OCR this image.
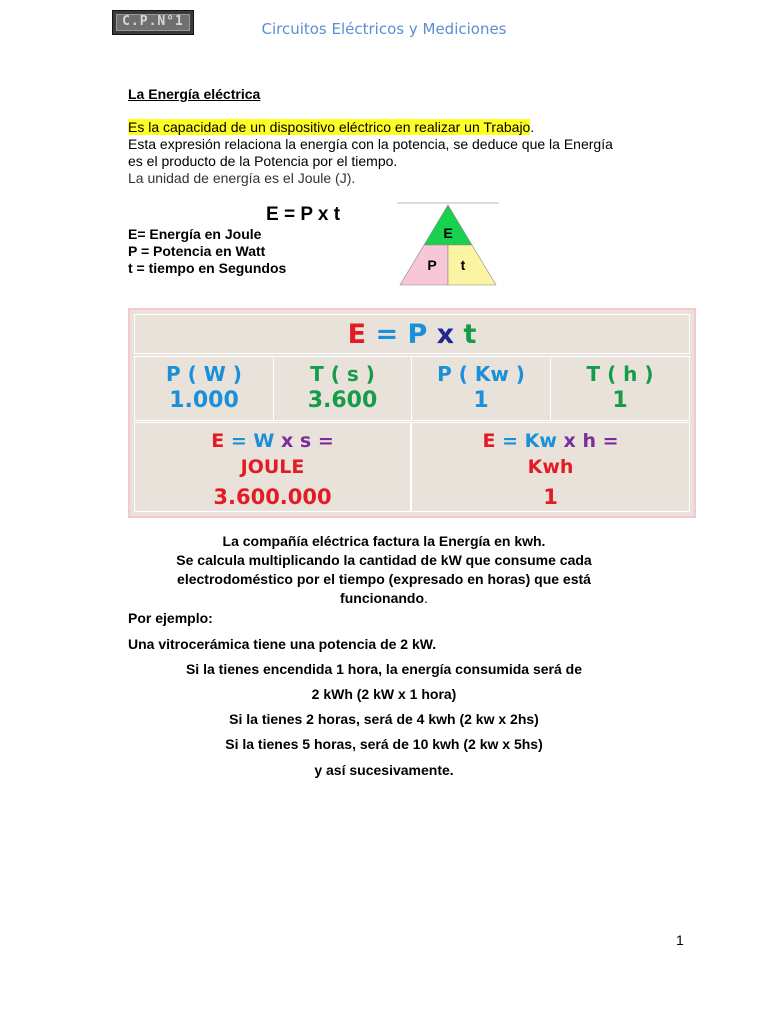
C.P.N°1	Circuitos Eléctricos y Mediciones
La Energía eléctrica
Es la capacidad de un dispositivo eléctrico en realizar un Trabajo.
Esta expresión relaciona la energía con la potencia, se deduce que la Energía
es el producto de la Potencia por el tiempo.
La unidad de energía es el Joule (J).
E = P x t
E= Energía en Joule
P = Potencia en Watt
t = tiempo en Segundos
E
P t
E = P x t
P ( W )
1.000
T ( s )
3.600
P ( Kw )
1
T ( h )
1
E = W x s =
JOULE
3.600.000
E = Kw x h =
Kwh
1
La compañía eléctrica factura la Energía en kwh.
Se calcula multiplicando la cantidad de kW que consume cada
electrodoméstico por el tiempo (expresado en horas) que está
funcionando.
Por ejemplo:
Una vitrocerámica tiene una potencia de 2 kW.
Si la tienes encendida 1 hora, la energía consumida será de
2 kWh (2 kW x 1 hora)
Si la tienes 2 horas, será de 4 kwh (2 kw x 2hs)
Si la tienes 5 horas, será de 10 kwh (2 kw x 5hs)
y así sucesivamente.
1
